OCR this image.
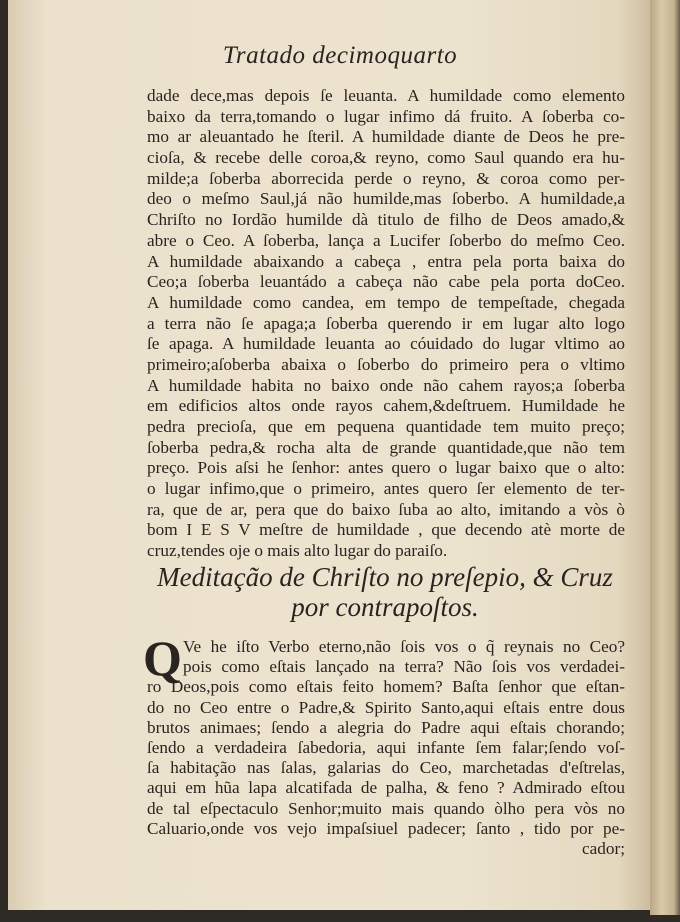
Tratado decimoquarto
dade dece,mas depois ſe leuanta. A humildade como elemento
baixo da terra,tomando o lugar infimo dá fruito. A ſoberba co-
mo ar aleuantado he ſteril. A humildade diante de Deos he pre-
cioſa, & recebe delle coroa,& reyno, como Saul quando era hu-
milde;a ſoberba aborrecida perde o reyno, & coroa como per-
deo o meſmo Saul,já não humilde,mas ſoberbo. A humildade,a
Chriſto no Iordão humilde dà titulo de filho de Deos amado,&
abre o Ceo. A ſoberba, lança a Lucifer ſoberbo do meſmo Ceo.
A humildade abaixando a cabeça , entra pela porta baixa do
Ceo;a ſoberba leuantádo a cabeça não cabe pela porta doCeo.
A humildade como candea, em tempo de tempeſtade, chegada
a terra não ſe apaga;a ſoberba querendo ir em lugar alto logo
ſe apaga. A humildade leuanta ao cóuidado do lugar vltimo ao
primeiro;aſoberba abaixa o ſoberbo do primeiro pera o vltimo
A humildade habita no baixo onde não cahem rayos;a ſoberba
em edificios altos onde rayos cahem,&deſtruem. Humildade he
pedra precioſa, que em pequena quantidade tem muito preço;
ſoberba pedra,& rocha alta de grande quantidade,que não tem
preço. Pois aſsi he ſenhor: antes quero o lugar baixo que o alto:
o lugar infimo,que o primeiro, antes quero ſer elemento de ter-
ra, que de ar, pera que do baixo ſuba ao alto, imitando a vòs ò
bom I E S V meſtre de humildade , que decendo atè morte de
cruz,tendes oje o mais alto lugar do paraiſo.
Meditação de Chriſto no preſepio, & Cruz
por contrapoſtos.
Q Ve he iſto Verbo eterno,não ſois vos o q̃ reynais no Ceo?
pois como eſtais lançado na terra? Não ſois vos verdadei-
ro Deos,pois como eſtais feito homem? Baſta ſenhor que eſtan-
do no Ceo entre o Padre,& Spirito Santo,aqui eſtais entre dous
brutos animaes; ſendo a alegria do Padre aqui eſtais chorando;
ſendo a verdadeira ſabedoria, aqui infante ſem falar;ſendo voſ-
ſa habitação nas ſalas, galarias do Ceo, marchetadas d'eſtrelas,
aqui em hũa lapa alcatifada de palha, & feno ? Admirado eſtou
de tal eſpectaculo Senhor;muito mais quando òlho pera vòs no
Caluario,onde vos vejo impaſsiuel padecer; ſanto , tido por pe-
cador;
